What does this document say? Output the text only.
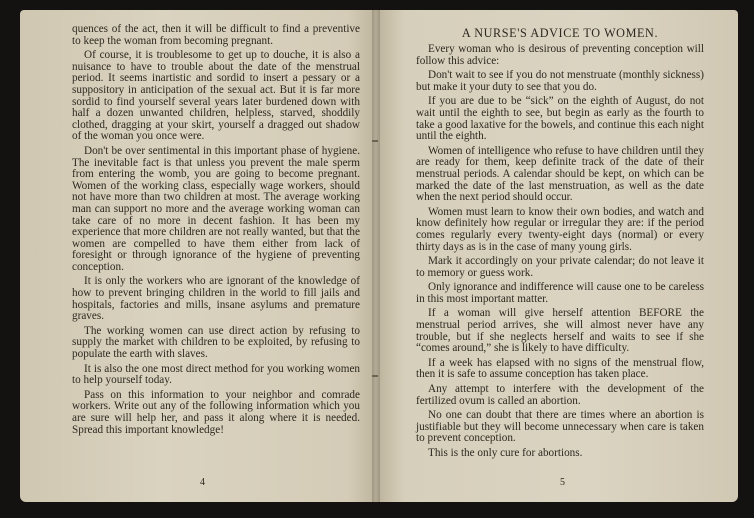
quences of the act, then it will be difficult to find a preventive to keep the woman from becoming pregnant.

Of course, it is troublesome to get up to douche, it is also a nuisance to have to trouble about the date of the menstrual period. It seems inartistic and sordid to insert a pessary or a suppository in anticipation of the sexual act. But it is far more sordid to find yourself several years later burdened down with half a dozen unwanted children, helpless, starved, shoddily clothed, dragging at your skirt, yourself a dragged out shadow of the woman you once were.

Don't be over sentimental in this important phase of hygiene. The inevitable fact is that unless you prevent the male sperm from entering the womb, you are going to become pregnant. Women of the working class, especially wage workers, should not have more than two children at most. The average working man can support no more and the average working woman can take care of no more in decent fashion. It has been my experience that more children are not really wanted, but that the women are compelled to have them either from lack of foresight or through ignorance of the hygiene of preventing conception.

It is only the workers who are ignorant of the knowledge of how to prevent bringing children in the world to fill jails and hospitals, factories and mills, insane asylums and premature graves.

The working women can use direct action by refusing to supply the market with children to be exploited, by refusing to populate the earth with slaves.

It is also the one most direct method for you working women to help yourself today.

Pass on this information to your neighbor and comrade workers. Write out any of the following information which you are sure will help her, and pass it along where it is needed. Spread this important knowledge!

4
A NURSE'S ADVICE TO WOMEN.

Every woman who is desirous of preventing conception will follow this advice:

Don't wait to see if you do not menstruate (monthly sickness) but make it your duty to see that you do.

If you are due to be “sick” on the eighth of August, do not wait until the eighth to see, but begin as early as the fourth to take a good laxative for the bowels, and continue this each night until the eighth.

Women of intelligence who refuse to have children until they are ready for them, keep definite track of the date of their menstrual periods. A calendar should be kept, on which can be marked the date of the last menstruation, as well as the date when the next period should occur.

Women must learn to know their own bodies, and watch and know definitely how regular or irregular they are: if the period comes regularly every twenty-eight days (normal) or every thirty days as is in the case of many young girls.

Mark it accordingly on your private calendar; do not leave it to memory or guess work.

Only ignorance and indifference will cause one to be careless in this most important matter.

If a woman will give herself attention BEFORE the menstrual period arrives, she will almost never have any trouble, but if she neglects herself and waits to see if she “comes around,” she is likely to have difficulty.

If a week has elapsed with no signs of the menstrual flow, then it is safe to assume conception has taken place.

Any attempt to interfere with the development of the fertilized ovum is called an abortion.

No one can doubt that there are times where an abortion is justifiable but they will become unnecessary when care is taken to prevent conception.

This is the only cure for abortions.

5
